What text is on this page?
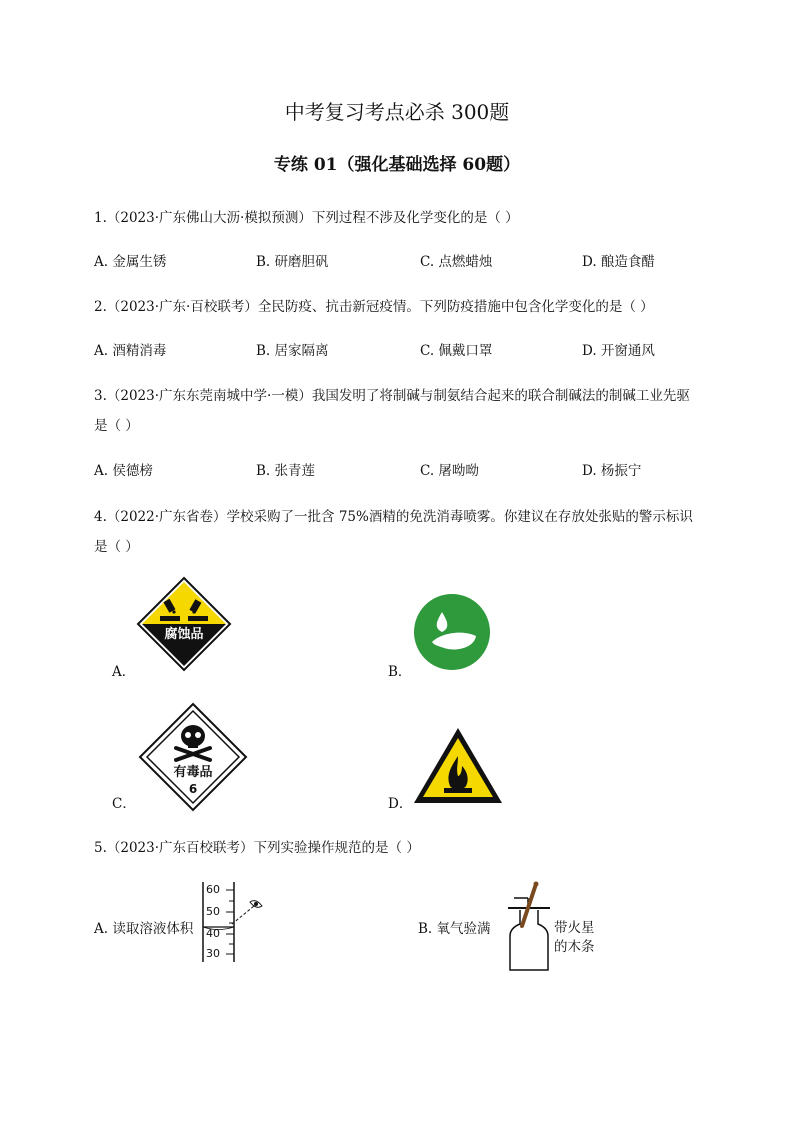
中考复习考点必杀 300题
专练 01（强化基础选择 60题）
1.（2023·广东佛山大沥·模拟预测）下列过程不涉及化学变化的是（ ）
A. 金属生锈	B. 研磨胆矾	C. 点燃蜡烛	D. 酿造食醋
2.（2023·广东·百校联考）全民防疫、抗击新冠疫情。下列防疫措施中包含化学变化的是（ ）
A. 酒精消毒	B. 居家隔离	C. 佩戴口罩	D. 开窗通风
3.（2023·广东东莞南城中学·一模）我国发明了将制碱与制氨结合起来的联合制碱法的制碱工业先驱
是（ ）
A. 侯德榜	B. 张青莲	C. 屠呦呦	D. 杨振宁
4.（2022·广东省卷）学校采购了一批含 75%酒精的免洗消毒喷雾。你建议在存放处张贴的警示标识
是（ ）
A．	B．
C．	D．
腐蚀品
有毒品
6
5.（2023·广东百校联考）下列实验操作规范的是（ ）
A. 读取溶液体积	B. 氧气验满
60
50
40
30
带火星
的木条
